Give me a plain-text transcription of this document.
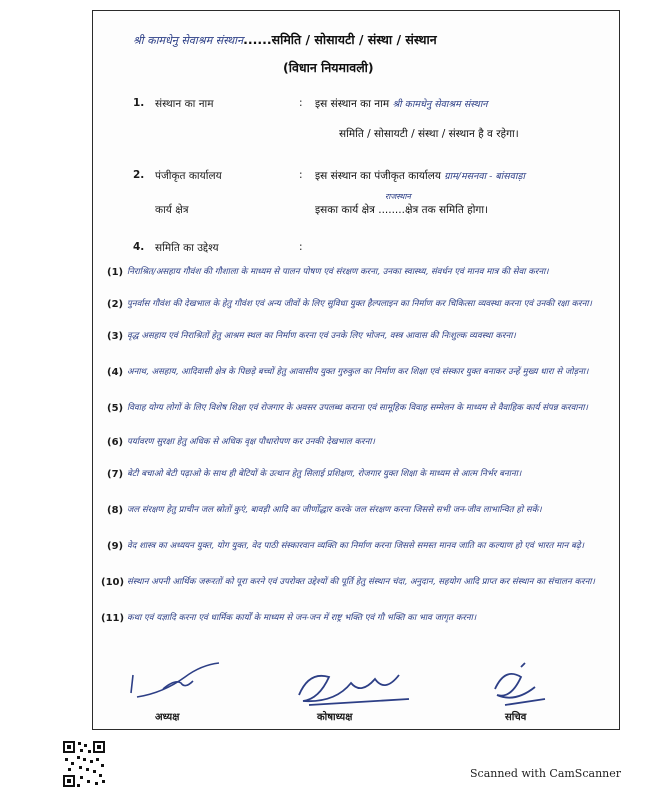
श्री कामधेनु सेवाश्रम संस्थान......समिति / सोसायटी / संस्था / संस्थान
(विधान नियमावली)
1. संस्थान का नाम	: इस संस्थान का नाम श्री कामधेनु सेवाश्रम संस्थान
समिति / सोसायटी / संस्था / संस्थान है व रहेगा।
2. पंजीकृत कार्यालय	: इस संस्थान का पंजीकृत कार्यालय ग्राम/मसनवा - बांसवाड़ा
राजस्थान
कार्य क्षेत्र	इसका कार्य क्षेत्र ........क्षेत्र तक समिति होगा।
4. समिति का उद्देश्य	:
(1) निराश्रित/असहाय गौवंश की गौशाला के माध्यम से पालन पोषण एवं संरक्षण करना, उनका स्वास्थ्य, संवर्धन एवं मानव मात्र की सेवा करना।
(2) पुनर्वास गौवंश की देखभाल के हेतु गौवंश एवं अन्य जीवों के लिए सुविधा युक्त हैल्पलाइन का निर्माण कर चिकित्सा व्यवस्था करना एवं उनकी रक्षा करना।
(3) वृद्ध असहाय एवं निराश्रितों हेतु आश्रम स्थल का निर्माण करना एवं उनके लिए भोजन, वस्त्र आवास की निःशुल्क व्यवस्था करना।
(4) अनाथ, असहाय, आदिवासी क्षेत्र के पिछड़े बच्चों हेतु आवासीय युक्त गुरुकुल का निर्माण कर शिक्षा एवं संस्कार युक्त बनाकर उन्हें मुख्य धारा से जोड़ना।
(5) विवाह योग्य लोगों के लिए विशेष शिक्षा एवं रोजगार के अवसर उपलब्ध कराना एवं सामूहिक विवाह सम्मेलन के माध्यम से वैवाहिक कार्य संपन्न करवाना।
(6) पर्यावरण सुरक्षा हेतु अधिक से अधिक वृक्ष पौधारोपण कर उनकी देखभाल करना।
(7) बेटी बचाओ बेटी पढ़ाओ के साथ ही बेटियों के उत्थान हेतु सिलाई प्रशिक्षण, रोजगार युक्त शिक्षा के माध्यम से आत्म निर्भर बनाना।
(8) जल संरक्षण हेतु प्राचीन जल स्रोतों कुएं, बावड़ी आदि का जीर्णोद्धार करके जल संरक्षण करना जिससे सभी जन-जीव लाभान्वित हो सकें।
(9) वेद शास्त्र का अध्ययन युक्त, योग युक्त, वेद पाठी संस्कारवान व्यक्ति का निर्माण करना जिससे समस्त मानव जाति का कल्याण हो एवं भारत मान बढ़े।
(10) संस्थान अपनी आर्थिक जरूरतों को पूरा करने एवं उपरोक्त उद्देश्यों की पूर्ति हेतु संस्थान चंदा, अनुदान, सहयोग आदि प्राप्त कर संस्थान का संचालन करना।
(11) कथा एवं यज्ञादि करना एवं धार्मिक कार्यों के माध्यम से जन-जन में राष्ट्र भक्ति एवं गौ भक्ति का भाव जागृत करना।
अध्यक्ष	कोषाध्यक्ष	सचिव
Scanned with CamScanner
